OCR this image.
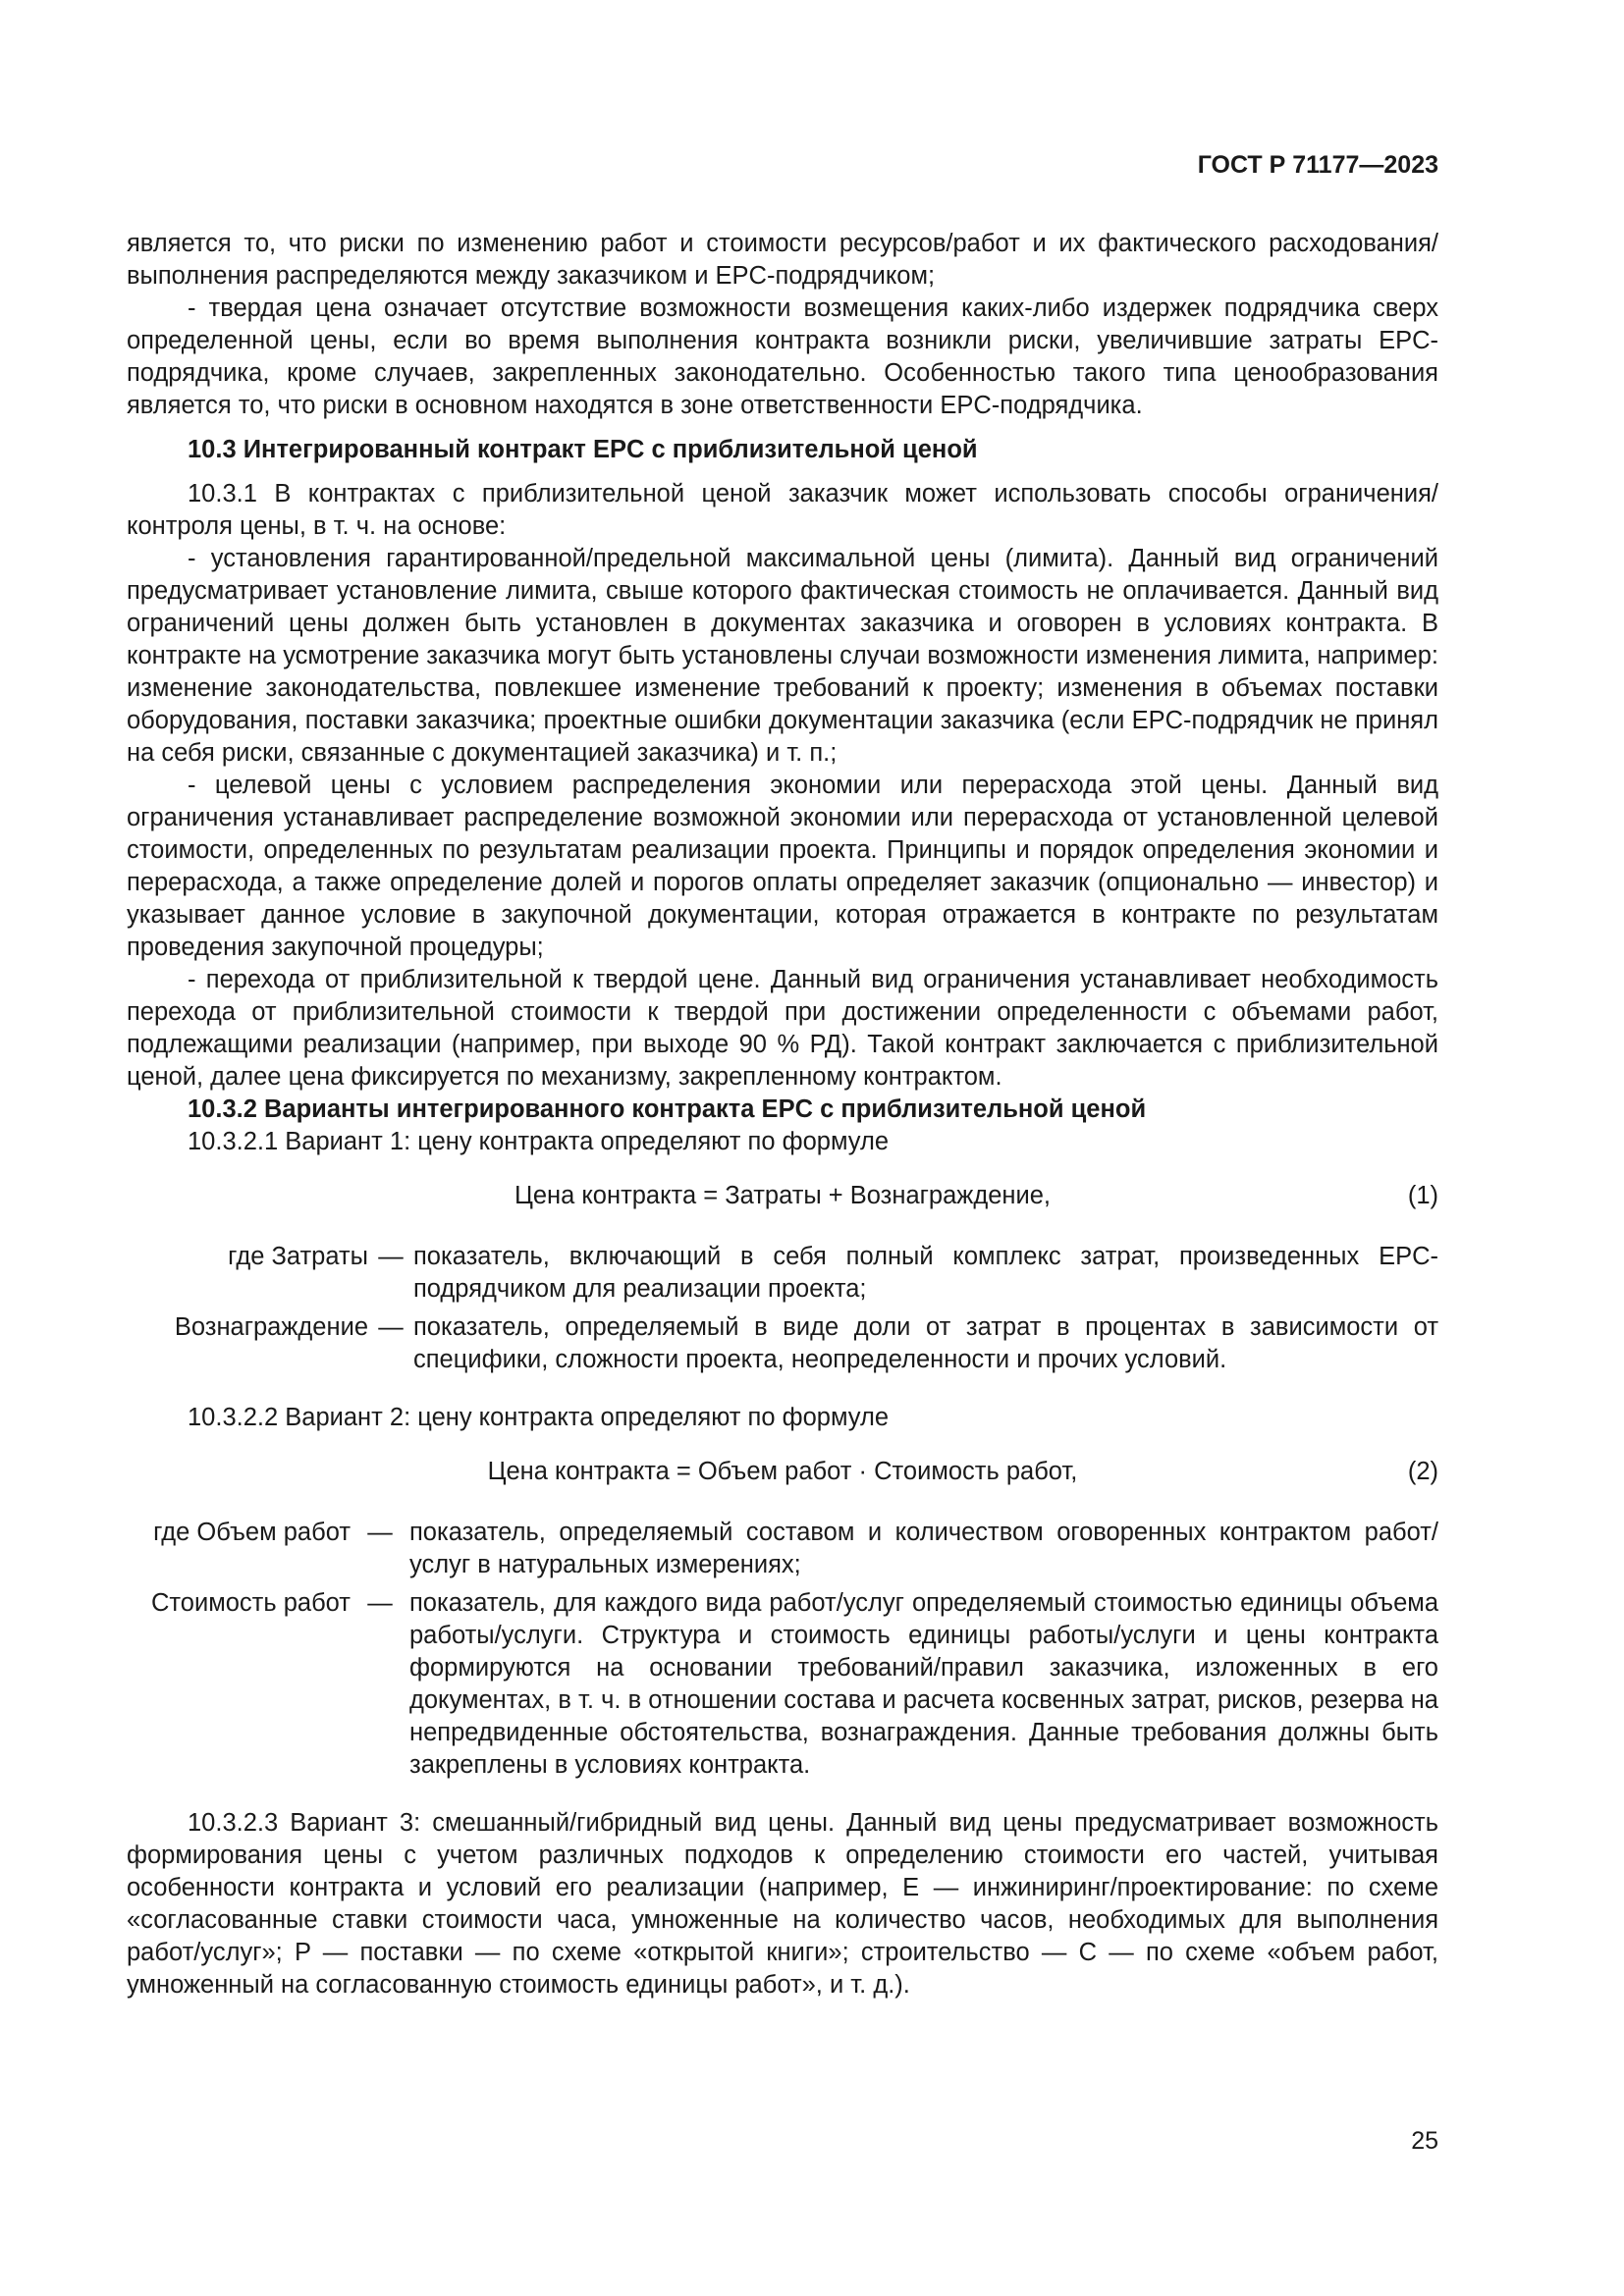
ГОСТ Р 71177—2023

является то, что риски по изменению работ и стоимости ресурсов/работ и их фактического расходования/выполнения распределяются между заказчиком и EPC-подрядчиком;

- твердая цена означает отсутствие возможности возмещения каких-либо издержек подрядчика сверх определенной цены, если во время выполнения контракта возникли риски, увеличившие затраты EPC-подрядчика, кроме случаев, закрепленных законодательно. Особенностью такого типа ценообразования является то, что риски в основном находятся в зоне ответственности EPC-подрядчика.

10.3 Интегрированный контракт EPC с приблизительной ценой

10.3.1 В контрактах с приблизительной ценой заказчик может использовать способы ограничения/контроля цены, в т. ч. на основе:

- установления гарантированной/предельной максимальной цены (лимита). Данный вид ограничений предусматривает установление лимита, свыше которого фактическая стоимость не оплачивается. Данный вид ограничений цены должен быть установлен в документах заказчика и оговорен в условиях контракта. В контракте на усмотрение заказчика могут быть установлены случаи возможности изменения лимита, например: изменение законодательства, повлекшее изменение требований к проекту; изменения в объемах поставки оборудования, поставки заказчика; проектные ошибки документации заказчика (если EPC-подрядчик не принял на себя риски, связанные с документацией заказчика) и т. п.;

- целевой цены с условием распределения экономии или перерасхода этой цены. Данный вид ограничения устанавливает распределение возможной экономии или перерасхода от установленной целевой стоимости, определенных по результатам реализации проекта. Принципы и порядок определения экономии и перерасхода, а также определение долей и порогов оплаты определяет заказчик (опционально — инвестор) и указывает данное условие в закупочной документации, которая отражается в контракте по результатам проведения закупочной процедуры;

- перехода от приблизительной к твердой цене. Данный вид ограничения устанавливает необходимость перехода от приблизительной стоимости к твердой при достижении определенности с объемами работ, подлежащими реализации (например, при выходе 90 % РД). Такой контракт заключается с приблизительной ценой, далее цена фиксируется по механизму, закрепленному контрактом.

10.3.2 Варианты интегрированного контракта EPC с приблизительной ценой

10.3.2.1 Вариант 1: цену контракта определяют по формуле

Цена контракта = Затраты + Вознаграждение,	(1)
где Затраты — показатель, включающий в себя полный комплекс затрат, произведенных EPC-подрядчиком для реализации проекта;
Вознаграждение — показатель, определяемый в виде доли от затрат в процентах в зависимости от специфики, сложности проекта, неопределенности и прочих условий.

10.3.2.2 Вариант 2: цену контракта определяют по формуле

Цена контракта = Объем работ · Стоимость работ,	(2)
где Объем работ — показатель, определяемый составом и количеством оговоренных контрактом работ/услуг в натуральных измерениях;
Стоимость работ — показатель, для каждого вида работ/услуг определяемый стоимостью единицы объема работы/услуги. Структура и стоимость единицы работы/услуги и цены контракта формируются на основании требований/правил заказчика, изложенных в его документах, в т. ч. в отношении состава и расчета косвенных затрат, рисков, резерва на непредвиденные обстоятельства, вознаграждения. Данные требования должны быть закреплены в условиях контракта.

10.3.2.3 Вариант 3: смешанный/гибридный вид цены. Данный вид цены предусматривает возможность формирования цены с учетом различных подходов к определению стоимости его частей, учитывая особенности контракта и условий его реализации (например, E — инжиниринг/проектирование: по схеме «согласованные ставки стоимости часа, умноженные на количество часов, необходимых для выполнения работ/услуг»; P — поставки — по схеме «открытой книги»; строительство — C — по схеме «объем работ, умноженный на согласованную стоимость единицы работ», и т. д.).

25
